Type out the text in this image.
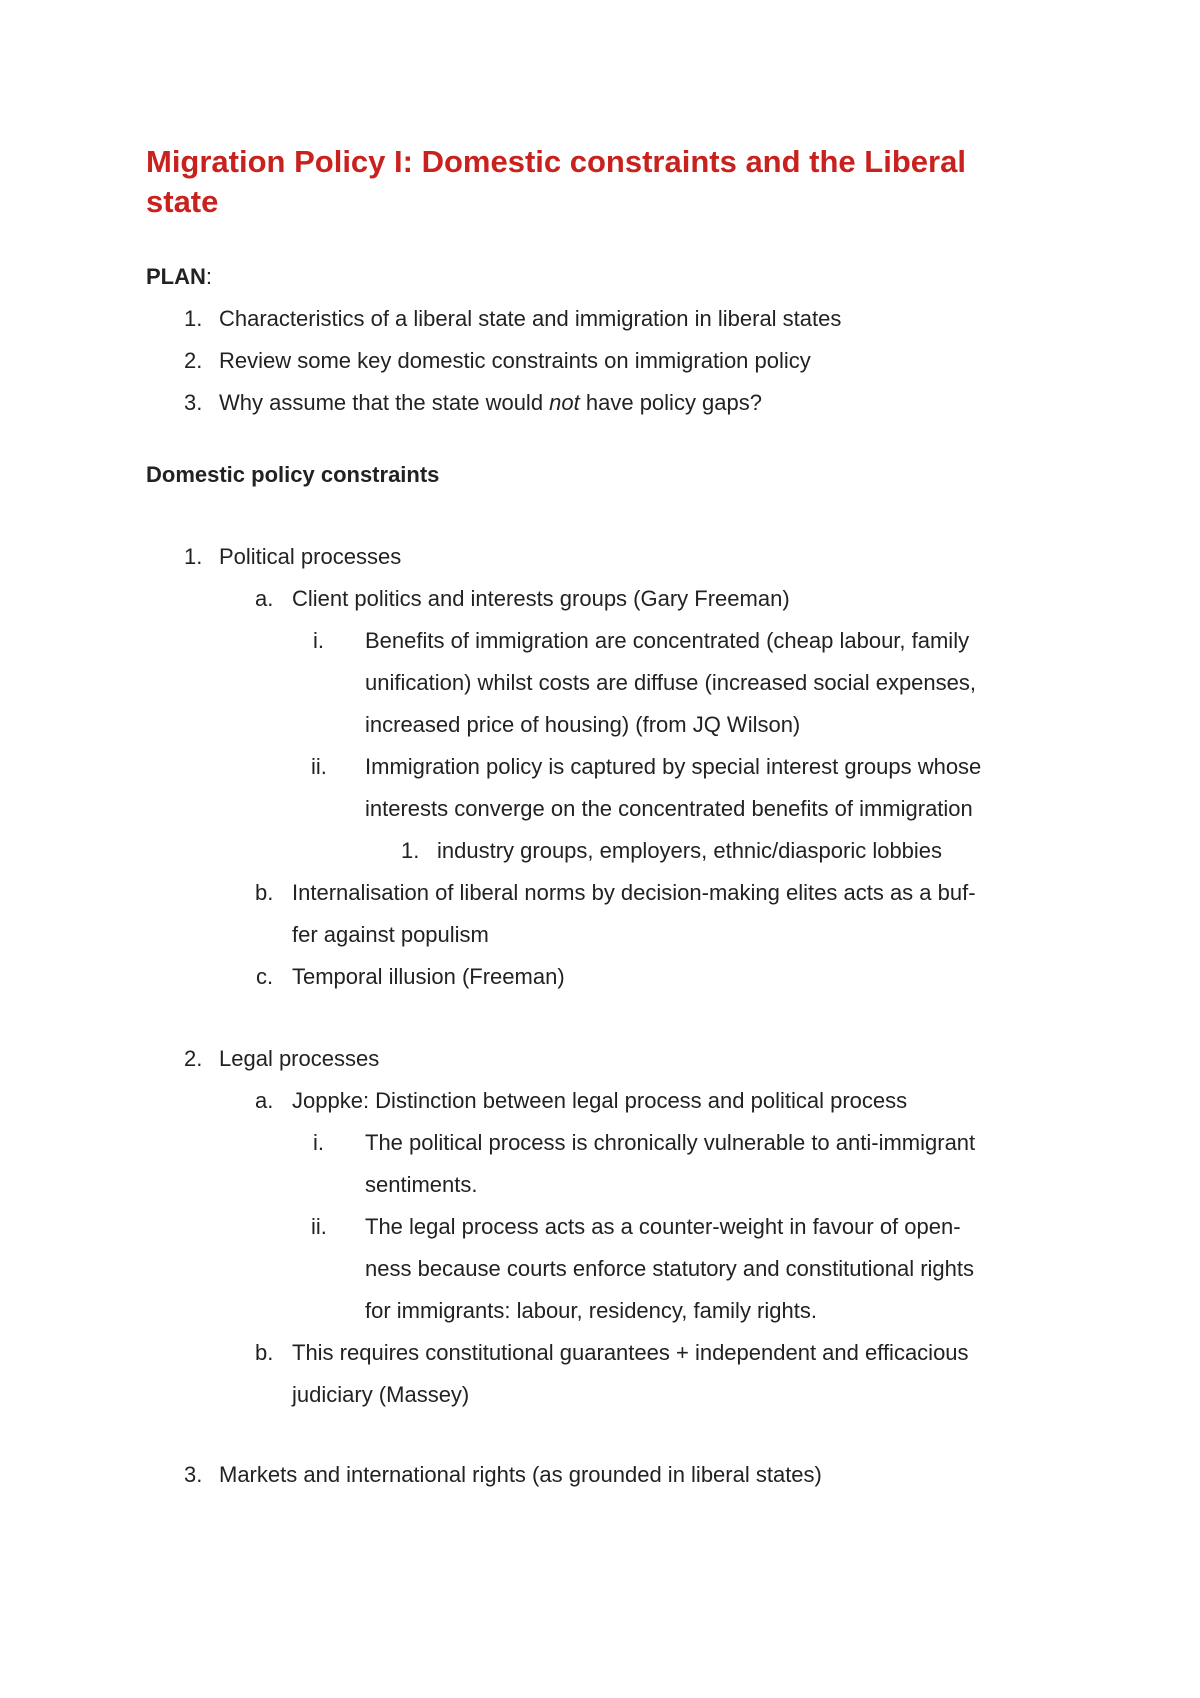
Migration Policy I: Domestic constraints and the Liberal state

PLAN:

1. Characteristics of a liberal state and immigration in liberal states

2. Review some key domestic constraints on immigration policy

3. Why assume that the state would not have policy gaps?

Domestic policy constraints

1. Political processes

a. Client politics and interests groups (Gary Freeman)

i. Benefits of immigration are concentrated (cheap labour, family

unification) whilst costs are diffuse (increased social expenses,

increased price of housing) (from JQ Wilson)

ii. Immigration policy is captured by special interest groups whose

interests converge on the concentrated benefits of immigration

1. industry groups, employers, ethnic/diasporic lobbies

b. Internalisation of liberal norms by decision-making elites acts as a buf-

fer against populism

c. Temporal illusion (Freeman)

2. Legal processes

a. Joppke: Distinction between legal process and political process

i. The political process is chronically vulnerable to anti-immigrant

sentiments.

ii. The legal process acts as a counter-weight in favour of open-

ness because courts enforce statutory and constitutional rights

for immigrants: labour, residency, family rights.

b. This requires constitutional guarantees + independent and efficacious

judiciary (Massey)

3. Markets and international rights (as grounded in liberal states)
